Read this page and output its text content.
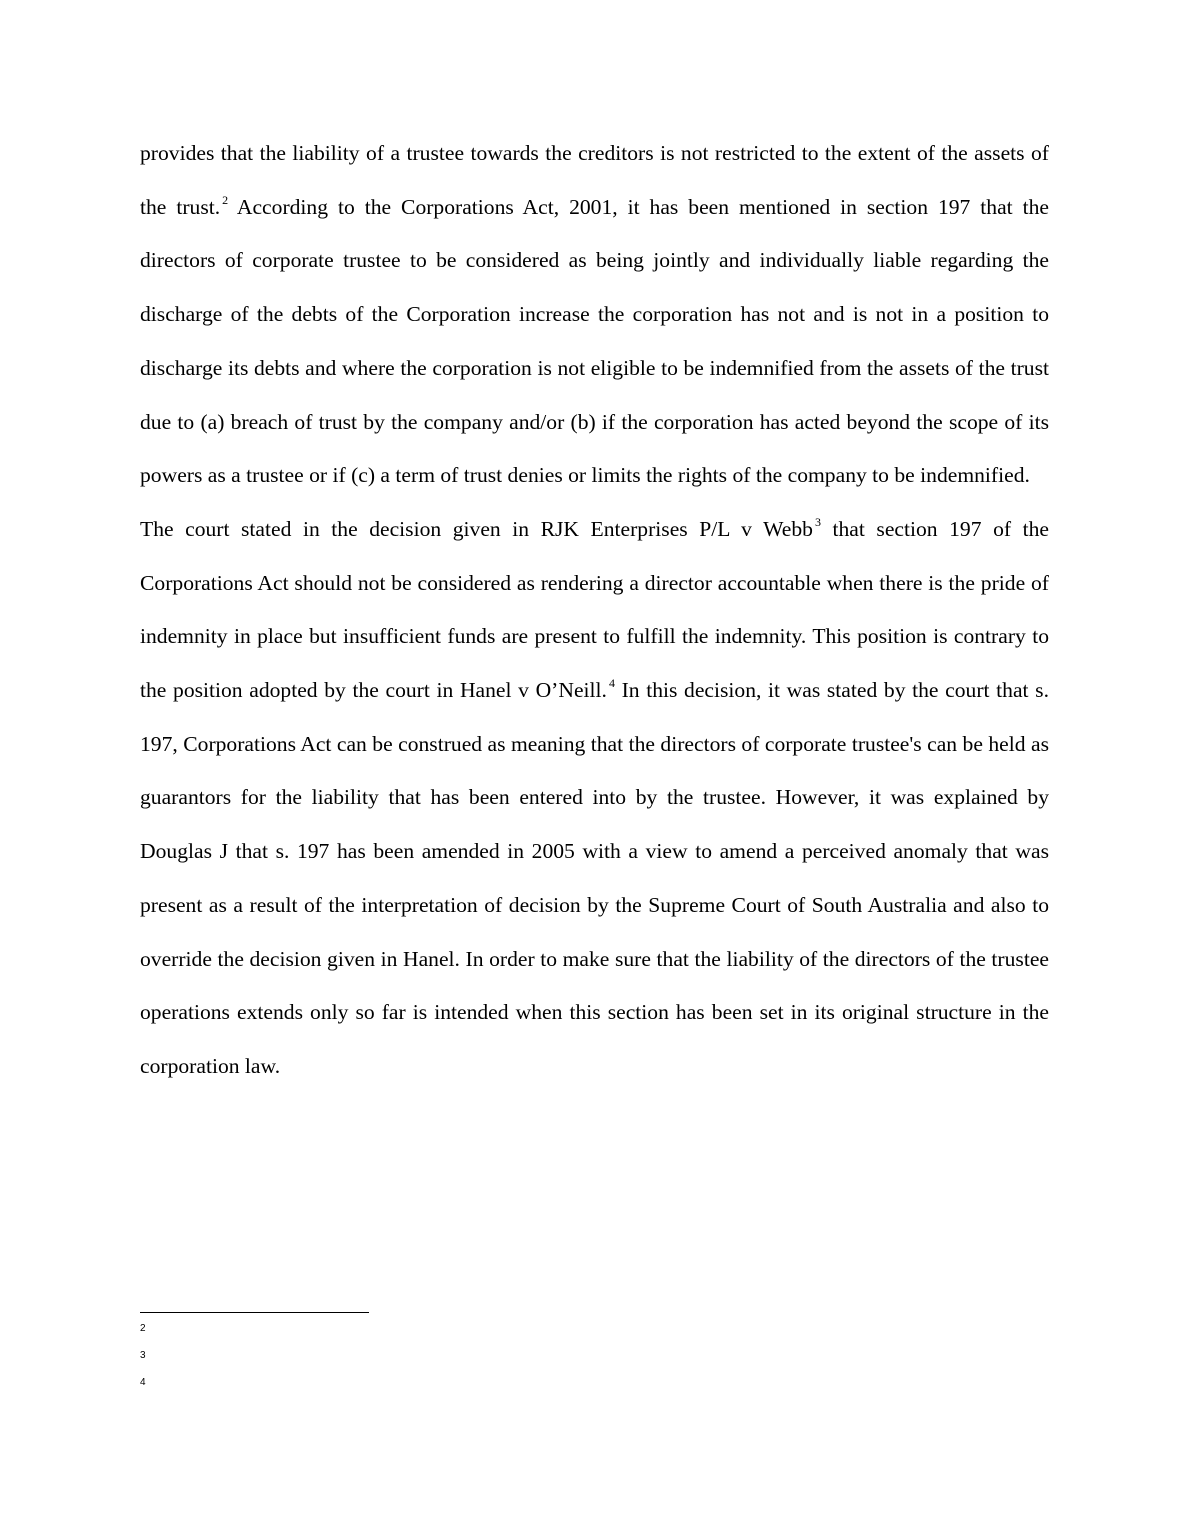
provides that the liability of a trustee towards the creditors is not restricted to the extent of the assets of the trust. $^2$ According to the Corporations Act, 2001, it has been mentioned in section 197 that the directors of corporate trustee to be considered as being jointly and individually liable regarding the discharge of the debts of the Corporation increase the corporation has not and is not in a position to discharge its debts and where the corporation is not eligible to be indemnified from the assets of the trust due to (a) breach of trust by the company and/or (b) if the corporation has acted beyond the scope of its powers as a trustee or if (c) a term of trust denies or limits the rights of the company to be indemnified.

The court stated in the decision given in RJK Enterprises P/L v Webb $^3$ that section 197 of the Corporations Act should not be considered as rendering a director accountable when there is the pride of indemnity in place but insufficient funds are present to fulfill the indemnity. This position is contrary to the position adopted by the court in Hanel v O’Neill. $^4$ In this decision, it was stated by the court that s. 197, Corporations Act can be construed as meaning that the directors of corporate trustee's can be held as guarantors for the liability that has been entered into by the trustee. However, it was explained by Douglas J that s. 197 has been amended in 2005 with a view to amend a perceived anomaly that was present as a result of the interpretation of decision by the Supreme Court of South Australia and also to override the decision given in Hanel. In order to make sure that the liability of the directors of the trustee operations extends only so far is intended when this section has been set in its original structure in the corporation law.

2
3
4
